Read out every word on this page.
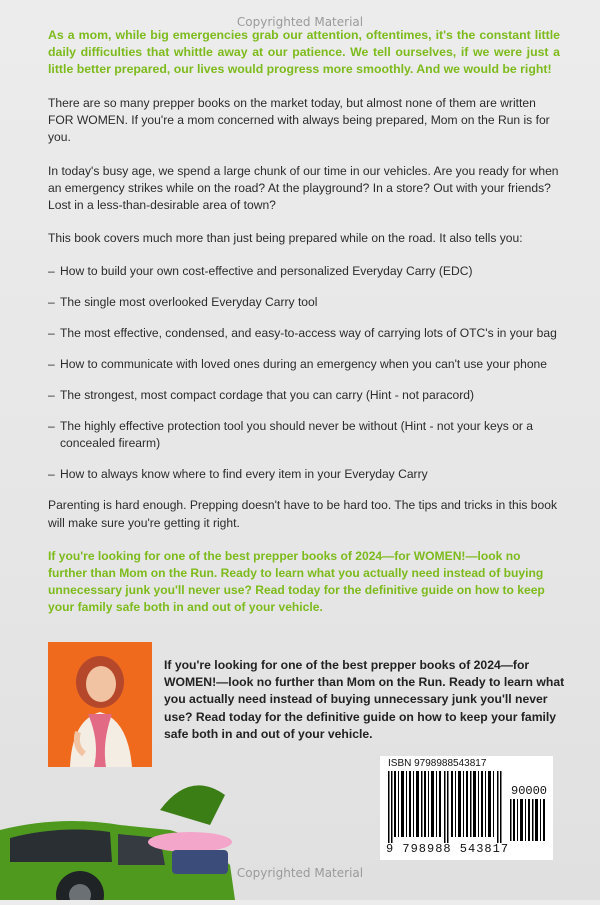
Copyrighted Material

As a mom, while big emergencies grab our attention, oftentimes, it's the constant little daily difficulties that whittle away at our patience. We tell ourselves, if we were just a little better prepared, our lives would progress more smoothly. And we would be right!

There are so many prepper books on the market today, but almost none of them are written FOR WOMEN. If you're a mom concerned with always being prepared, Mom on the Run is for you.

In today's busy age, we spend a large chunk of our time in our vehicles. Are you ready for when an emergency strikes while on the road? At the playground? In a store? Out with your friends? Lost in a less-than-desirable area of town?

This book covers much more than just being prepared while on the road. It also tells you:

– How to build your own cost-effective and personalized Everyday Carry (EDC)
– The single most overlooked Everyday Carry tool
– The most effective, condensed, and easy-to-access way of carrying lots of OTC's in your bag
– How to communicate with loved ones during an emergency when you can't use your phone
– The strongest, most compact cordage that you can carry (Hint - not paracord)
– The highly effective protection tool you should never be without (Hint - not your keys or a concealed firearm)
– How to always know where to find every item in your Everyday Carry

Parenting is hard enough. Prepping doesn't have to be hard too. The tips and tricks in this book will make sure you're getting it right.

If you're looking for one of the best prepper books of 2024—for WOMEN!—look no further than Mom on the Run. Ready to learn what you actually need instead of buying unnecessary junk you'll never use? Read today for the definitive guide on how to keep your family safe both in and out of your vehicle.

If you're looking for one of the best prepper books of 2024—for WOMEN!—look no further than Mom on the Run. Ready to learn what you actually need instead of buying unnecessary junk you'll never use? Read today for the definitive guide on how to keep your family safe both in and out of your vehicle.
ISBN 9798988543817
90000
9 798988 543817
Copyrighted Material
